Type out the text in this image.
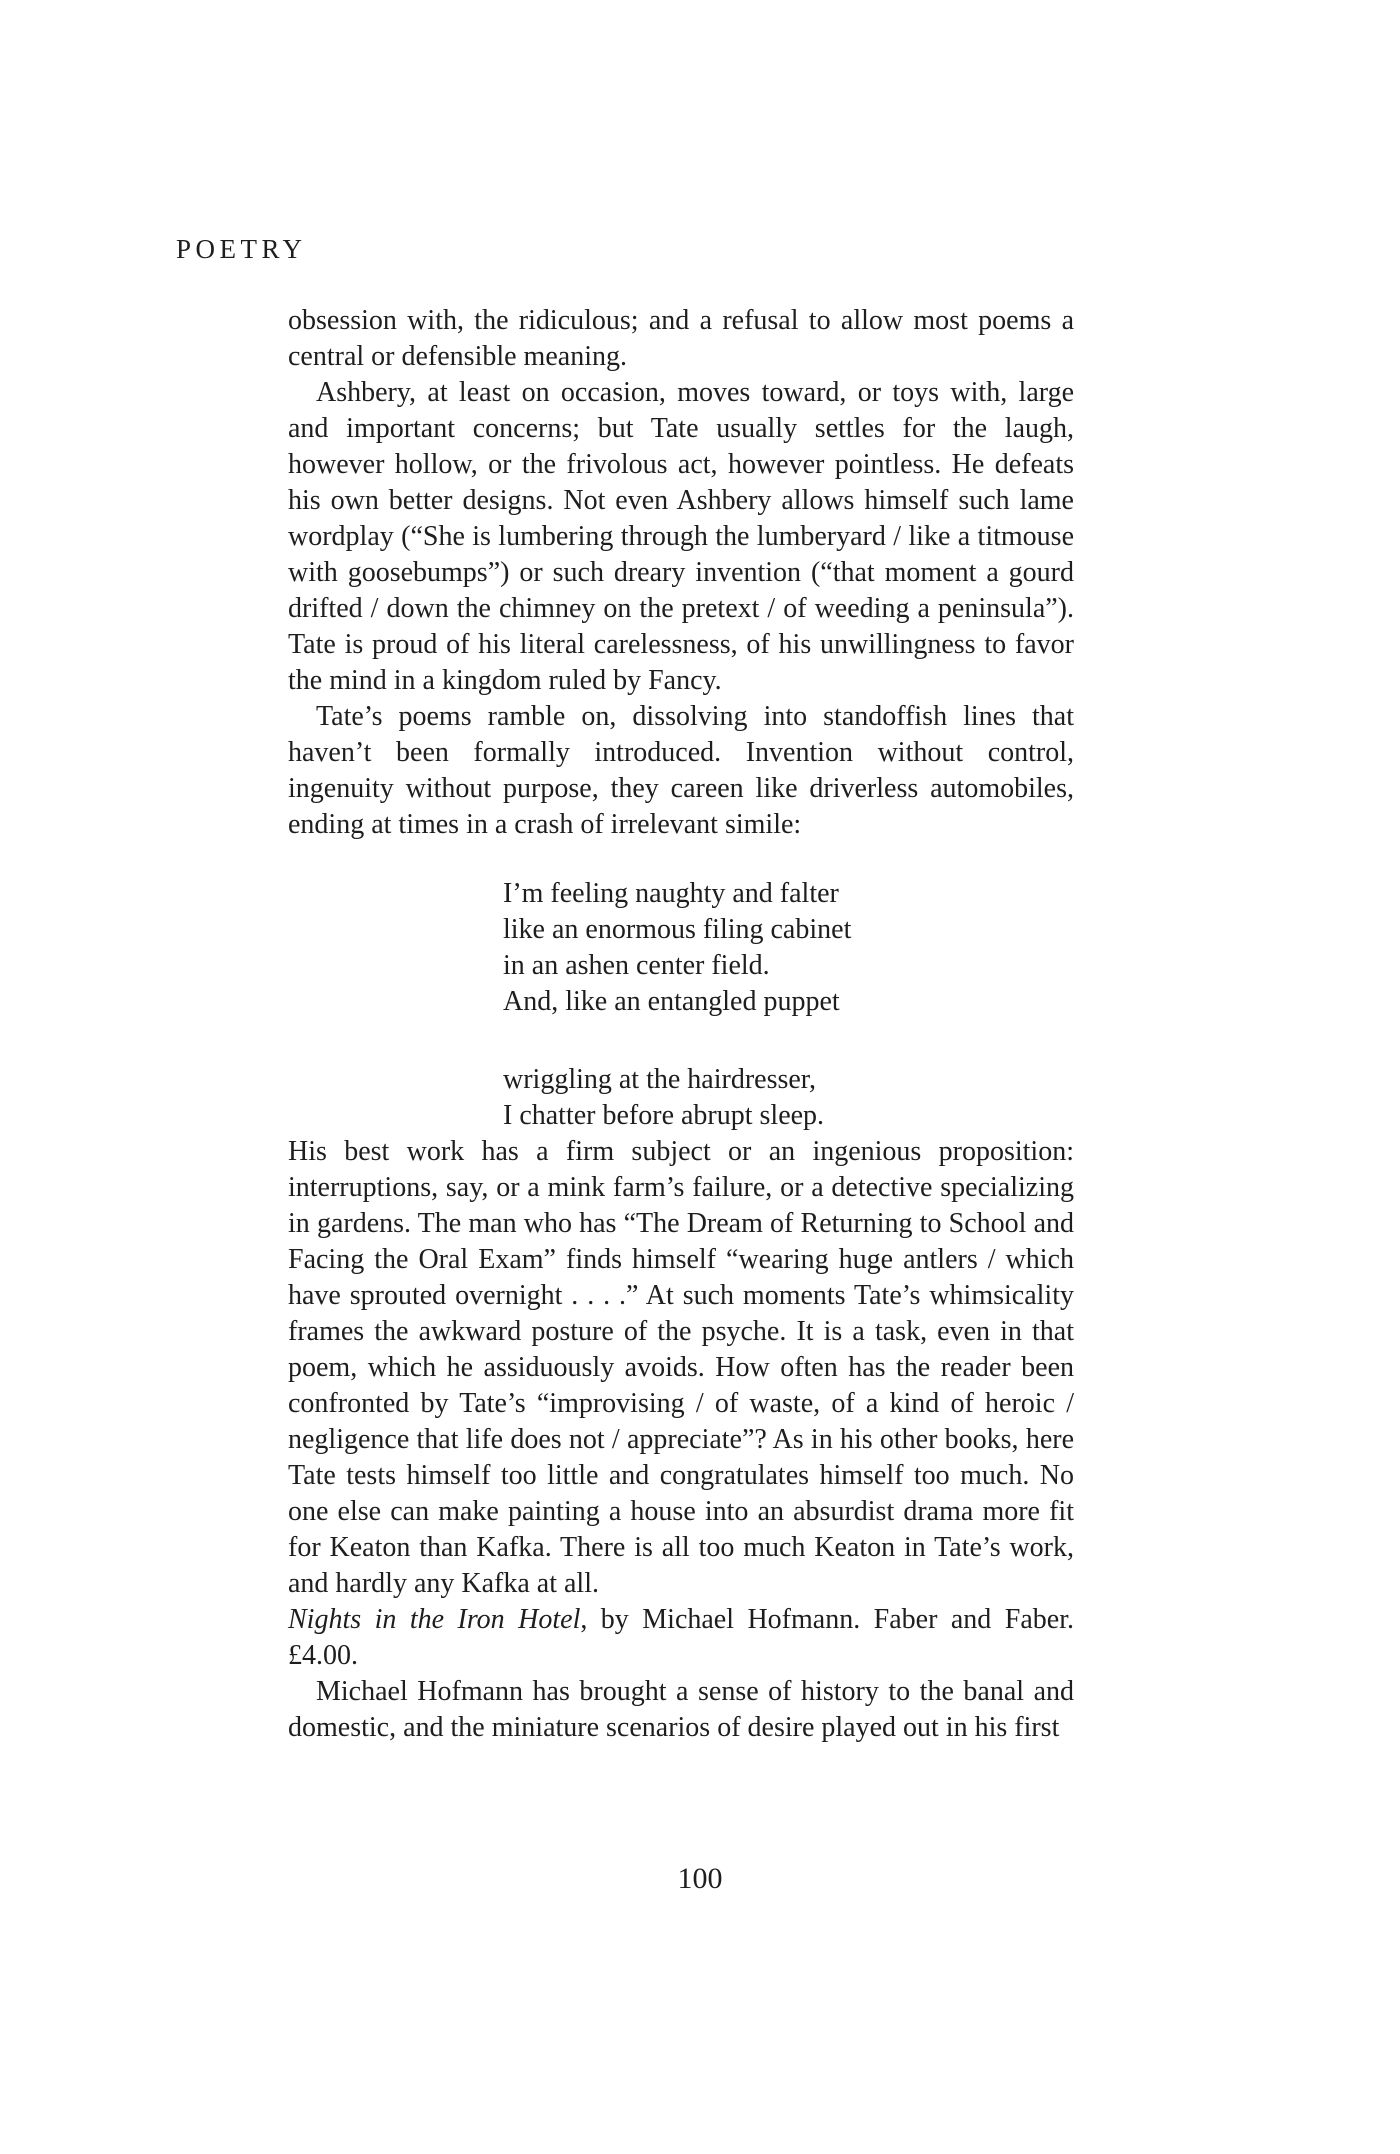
POETRY

obsession with, the ridiculous; and a refusal to allow most poems a central or defensible meaning.

Ashbery, at least on occasion, moves toward, or toys with, large and important concerns; but Tate usually settles for the laugh, however hollow, or the frivolous act, however pointless. He defeats his own better designs. Not even Ashbery allows himself such lame wordplay (“She is lumbering through the lumberyard / like a titmouse with goosebumps”) or such dreary invention (“that moment a gourd drifted / down the chimney on the pretext / of weeding a peninsula”). Tate is proud of his literal carelessness, of his unwillingness to favor the mind in a kingdom ruled by Fancy.

Tate’s poems ramble on, dissolving into standoffish lines that haven’t been formally introduced. Invention without control, ingenuity without purpose, they careen like driverless automobiles, ending at times in a crash of irrelevant simile:

I’m feeling naughty and falter
like an enormous filing cabinet
in an ashen center field.
And, like an entangled puppet
wriggling at the hairdresser,
I chatter before abrupt sleep.

His best work has a firm subject or an ingenious proposition: interruptions, say, or a mink farm’s failure, or a detective specializing in gardens. The man who has “The Dream of Returning to School and Facing the Oral Exam” finds himself “wearing huge antlers / which have sprouted overnight . . . .” At such moments Tate’s whimsicality frames the awkward posture of the psyche. It is a task, even in that poem, which he assiduously avoids. How often has the reader been confronted by Tate’s “improvising / of waste, of a kind of heroic / negligence that life does not / appreciate”? As in his other books, here Tate tests himself too little and congratulates himself too much. No one else can make painting a house into an absurdist drama more fit for Keaton than Kafka. There is all too much Keaton in Tate’s work, and hardly any Kafka at all.

Nights in the Iron Hotel, by Michael Hofmann. Faber and Faber. £4.00.

Michael Hofmann has brought a sense of history to the banal and domestic, and the miniature scenarios of desire played out in his first

100
